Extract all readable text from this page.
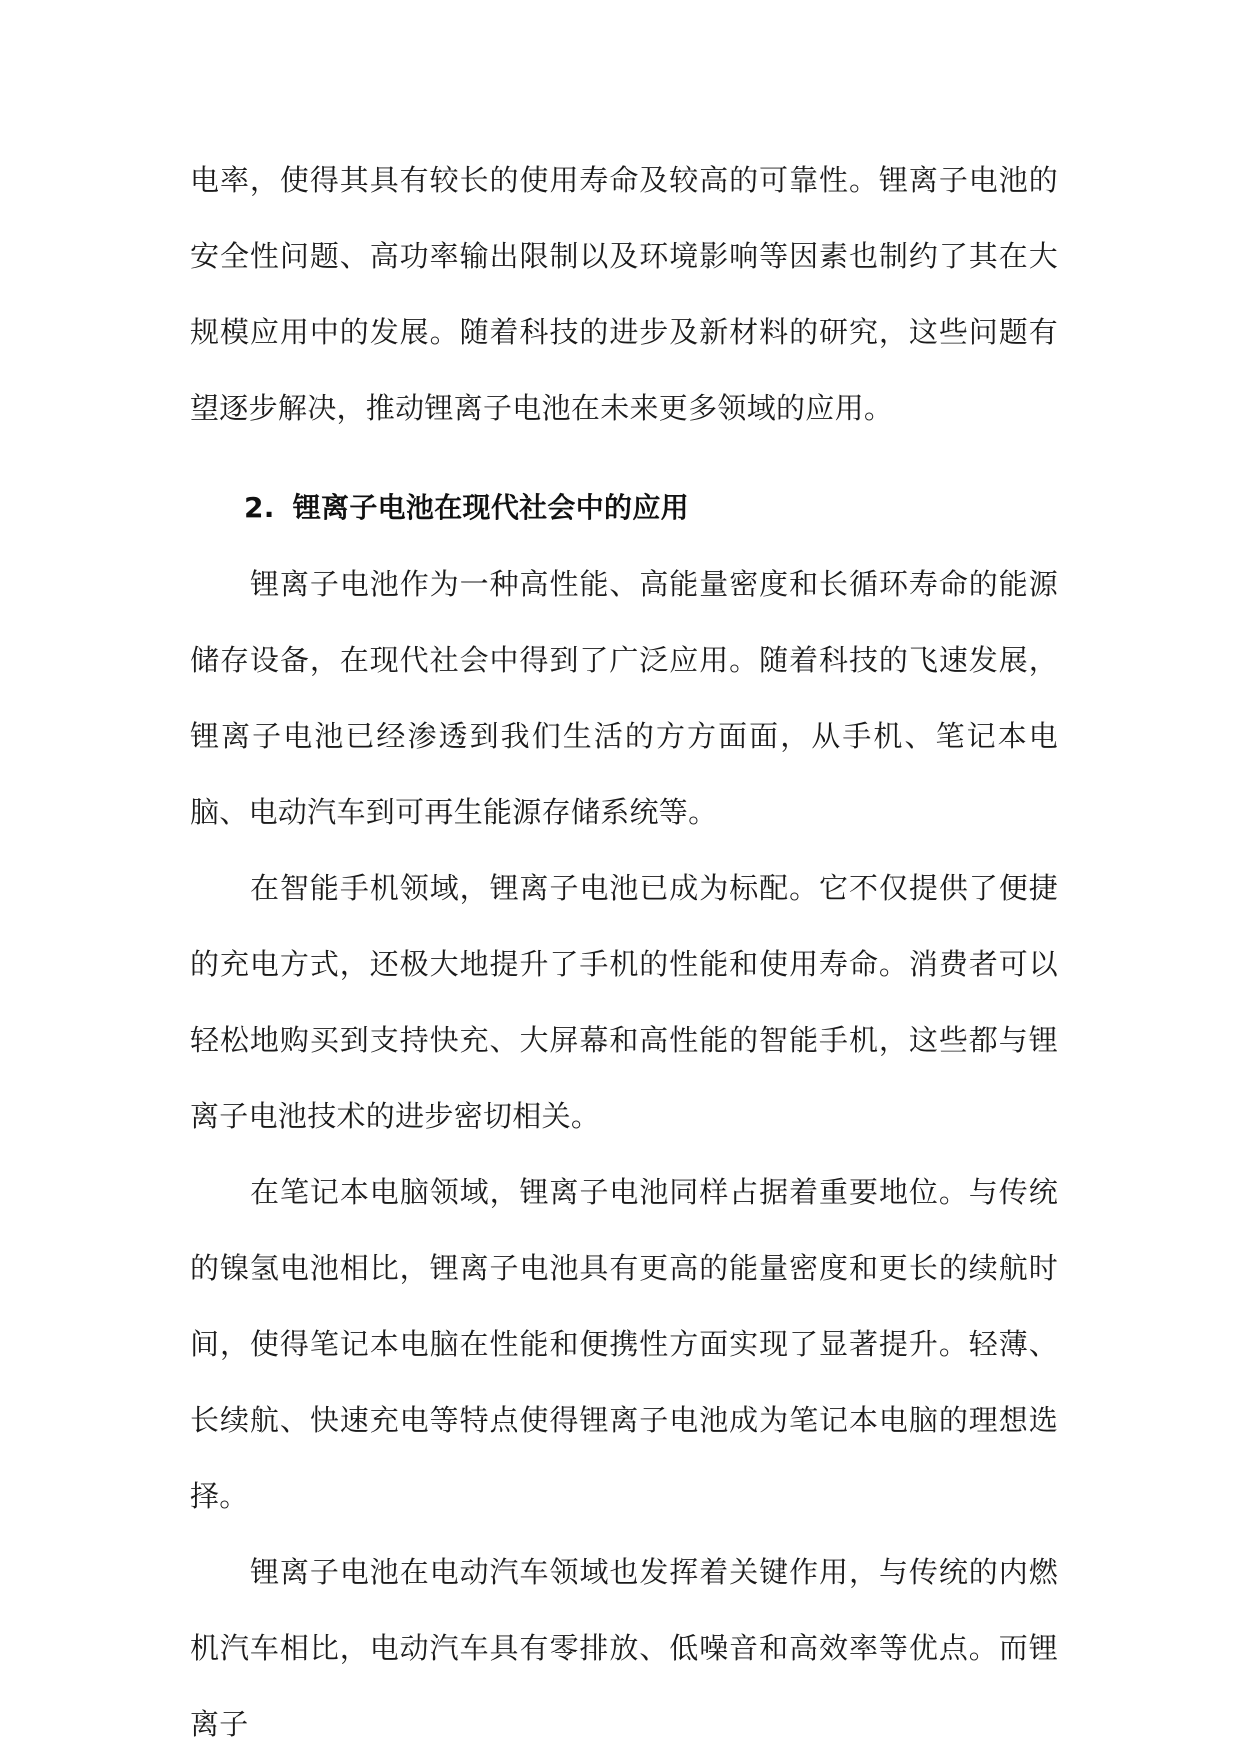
电率，使得其具有较长的使用寿命及较高的可靠性。锂离子电池的安全性问题、高功率输出限制以及环境影响等因素也制约了其在大规模应用中的发展。随着科技的进步及新材料的研究，这些问题有望逐步解决，推动锂离子电池在未来更多领域的应用。

2. 锂离子电池在现代社会中的应用

锂离子电池作为一种高性能、高能量密度和长循环寿命的能源储存设备，在现代社会中得到了广泛应用。随着科技的飞速发展，锂离子电池已经渗透到我们生活的方方面面，从手机、笔记本电脑、电动汽车到可再生能源存储系统等。

在智能手机领域，锂离子电池已成为标配。它不仅提供了便捷的充电方式，还极大地提升了手机的性能和使用寿命。消费者可以轻松地购买到支持快充、大屏幕和高性能的智能手机，这些都与锂离子电池技术的进步密切相关。

在笔记本电脑领域，锂离子电池同样占据着重要地位。与传统的镍氢电池相比，锂离子电池具有更高的能量密度和更长的续航时间，使得笔记本电脑在性能和便携性方面实现了显著提升。轻薄、长续航、快速充电等特点使得锂离子电池成为笔记本电脑的理想选择。

锂离子电池在电动汽车领域也发挥着关键作用，与传统的内燃机汽车相比，电动汽车具有零排放、低噪音和高效率等优点。而锂离子
